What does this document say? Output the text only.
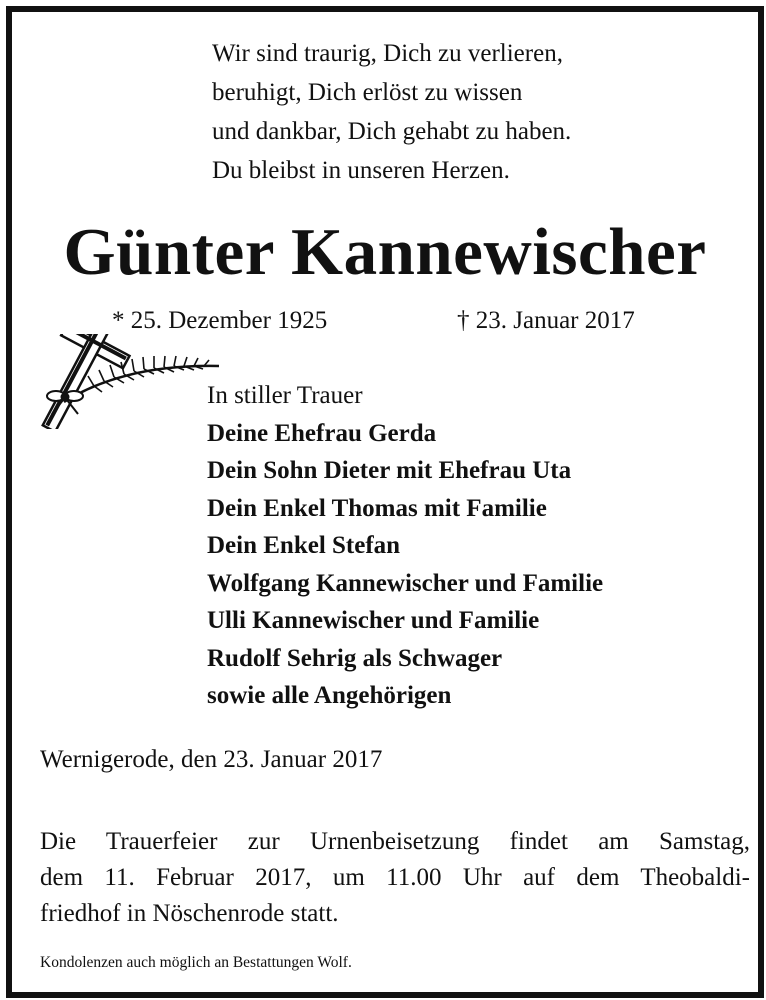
Wir sind traurig, Dich zu verlieren,
beruhigt, Dich erlöst zu wissen
und dankbar, Dich gehabt zu haben.
Du bleibst in unseren Herzen.
Günter Kannewischer
* 25. Dezember 1925	† 23. Januar 2017
In stiller Trauer
Deine Ehefrau Gerda
Dein Sohn Dieter mit Ehefrau Uta
Dein Enkel Thomas mit Familie
Dein Enkel Stefan
Wolfgang Kannewischer und Familie
Ulli Kannewischer und Familie
Rudolf Sehrig als Schwager
sowie alle Angehörigen
Wernigerode, den 23. Januar 2017
Die Trauerfeier zur Urnenbeisetzung findet am Samstag,
dem 11. Februar 2017, um 11.00 Uhr auf dem Theobaldi-
friedhof in Nöschenrode statt.
Kondolenzen auch möglich an Bestattungen Wolf.
